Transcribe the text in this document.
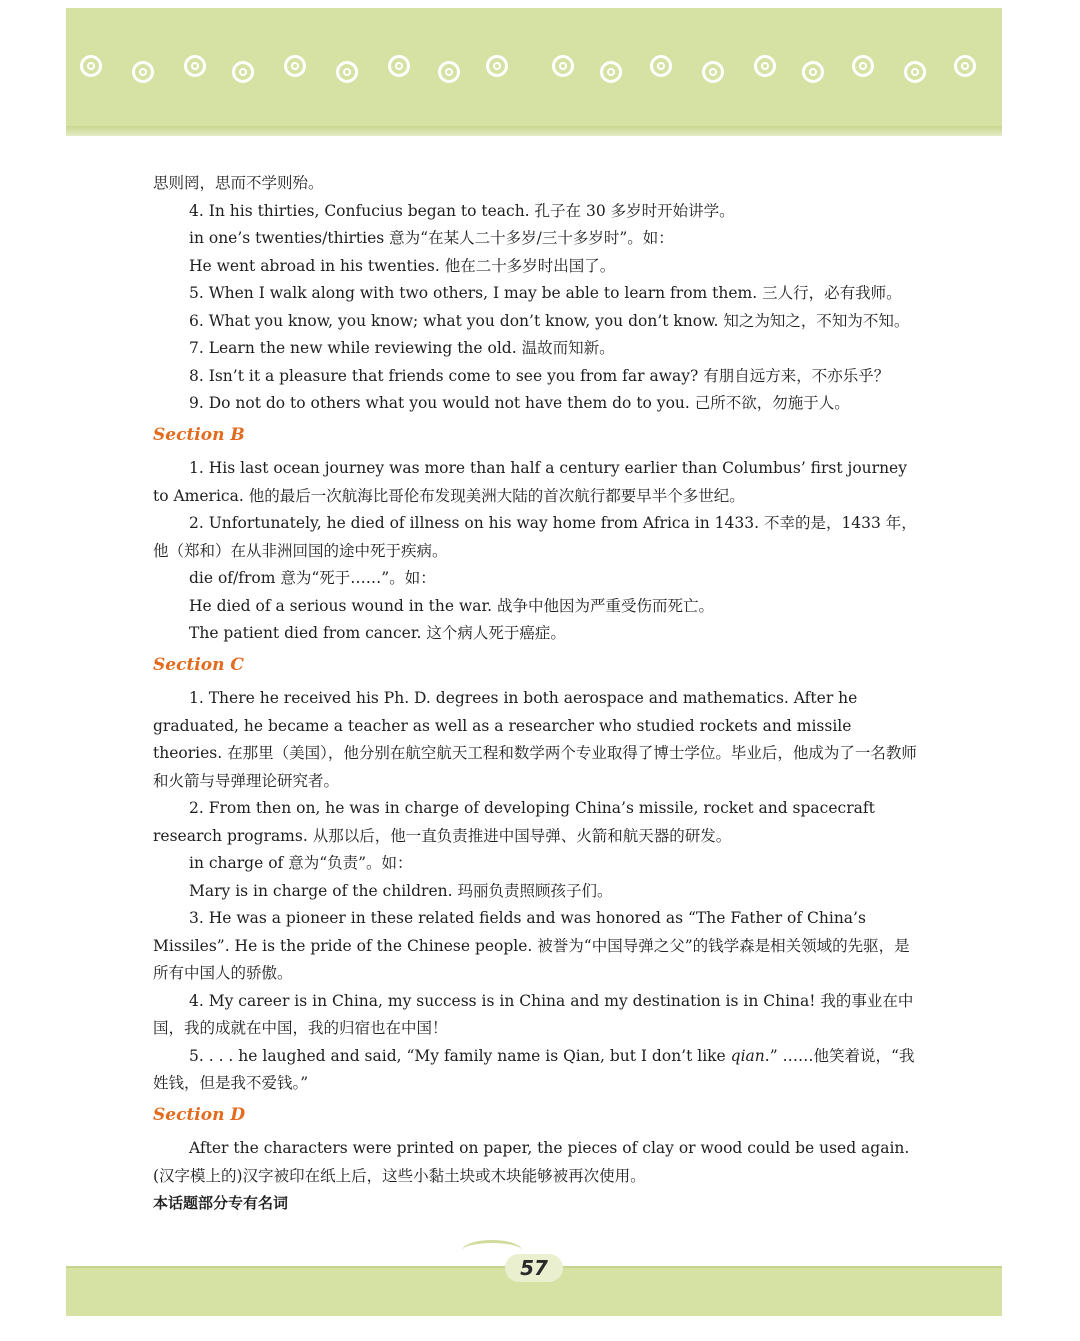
思则罔，思而不学则殆。

4. In his thirties, Confucius began to teach. 孔子在 30 多岁时开始讲学。

in one’s twenties/thirties 意为“在某人二十多岁/三十多岁时”。如：

He went abroad in his twenties. 他在二十多岁时出国了。

5. When I walk along with two others, I may be able to learn from them. 三人行，必有我师。

6. What you know, you know; what you don’t know, you don’t know. 知之为知之，不知为不知。

7. Learn the new while reviewing the old. 温故而知新。

8. Isn’t it a pleasure that friends come to see you from far away? 有朋自远方来，不亦乐乎？

9. Do not do to others what you would not have them do to you. 己所不欲，勿施于人。

Section B

1. His last ocean journey was more than half a century earlier than Columbus’ first journey to America. 他的最后一次航海比哥伦布发现美洲大陆的首次航行都要早半个多世纪。

2. Unfortunately, he died of illness on his way home from Africa in 1433. 不幸的是，1433 年，他（郑和）在从非洲回国的途中死于疾病。

die of/from 意为“死于……”。如：

He died of a serious wound in the war. 战争中他因为严重受伤而死亡。

The patient died from cancer. 这个病人死于癌症。

Section C

1. There he received his Ph. D. degrees in both aerospace and mathematics. After he graduated, he became a teacher as well as a researcher who studied rockets and missile theories. 在那里（美国），他分别在航空航天工程和数学两个专业取得了博士学位。毕业后，他成为了一名教师和火箭与导弹理论研究者。

2. From then on, he was in charge of developing China’s missile, rocket and spacecraft research programs. 从那以后，他一直负责推进中国导弹、火箭和航天器的研发。

in charge of 意为“负责”。如：

Mary is in charge of the children. 玛丽负责照顾孩子们。

3. He was a pioneer in these related fields and was honored as “The Father of China’s Missiles”. He is the pride of the Chinese people. 被誉为“中国导弹之父”的钱学森是相关领域的先驱，是所有中国人的骄傲。

4. My career is in China, my success is in China and my destination is in China! 我的事业在中国，我的成就在中国，我的归宿也在中国！

5. . . . he laughed and said, “My family name is Qian, but I don’t like qian.” ……他笑着说，“我姓钱，但是我不爱钱。”

Section D

After the characters were printed on paper, the pieces of clay or wood could be used again. (汉字模上的)汉字被印在纸上后，这些小黏土块或木块能够被再次使用。

本话题部分专有名词

57
